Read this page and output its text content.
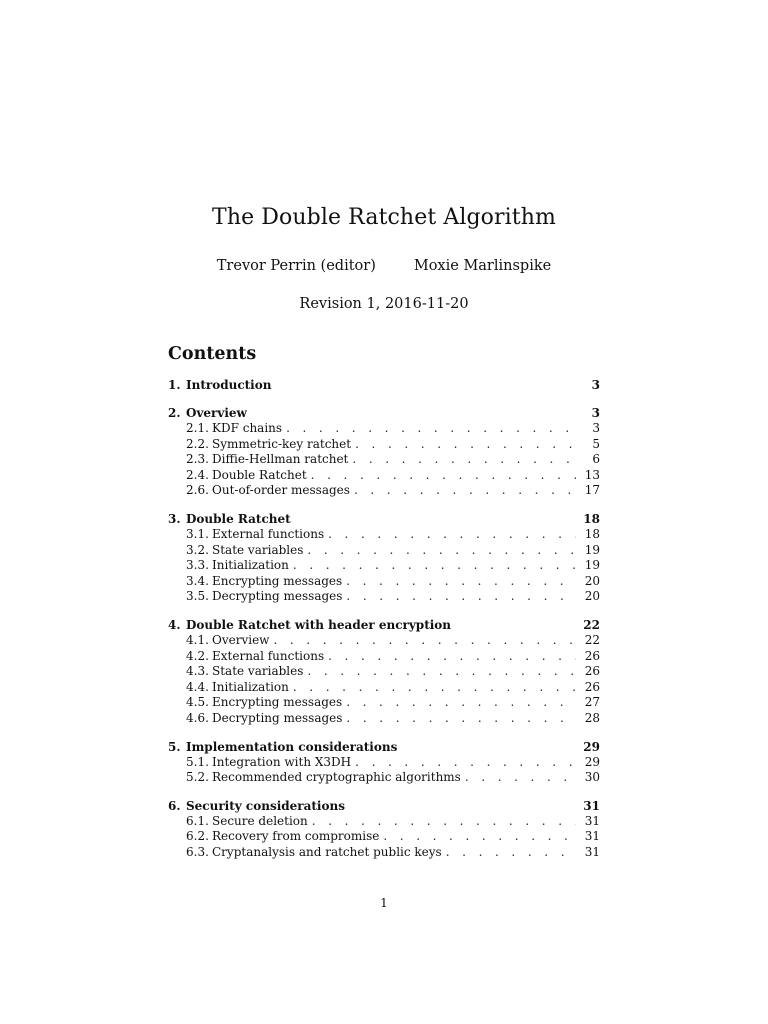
The Double Ratchet Algorithm
Trevor Perrin (editor)	Moxie Marlinspike
Revision 1, 2016-11-20
Contents
1. Introduction	3
2. Overview	3
2.1. KDF chains . . .	3
2.2. Symmetric-key ratchet . . .	5
2.3. Diffie-Hellman ratchet . . .	6
2.4. Double Ratchet . . .	13
2.6. Out-of-order messages . . .	17
3. Double Ratchet	18
3.1. External functions . . .	18
3.2. State variables . . .	19
3.3. Initialization . . .	19
3.4. Encrypting messages . . .	20
3.5. Decrypting messages . . .	20
4. Double Ratchet with header encryption	22
4.1. Overview . . .	22
4.2. External functions . . .	26
4.3. State variables . . .	26
4.4. Initialization . . .	26
4.5. Encrypting messages . . .	27
4.6. Decrypting messages . . .	28
5. Implementation considerations	29
5.1. Integration with X3DH . . .	29
5.2. Recommended cryptographic algorithms . . .	30
6. Security considerations	31
6.1. Secure deletion . . .	31
6.2. Recovery from compromise . . .	31
6.3. Cryptanalysis and ratchet public keys . . .	31
1
